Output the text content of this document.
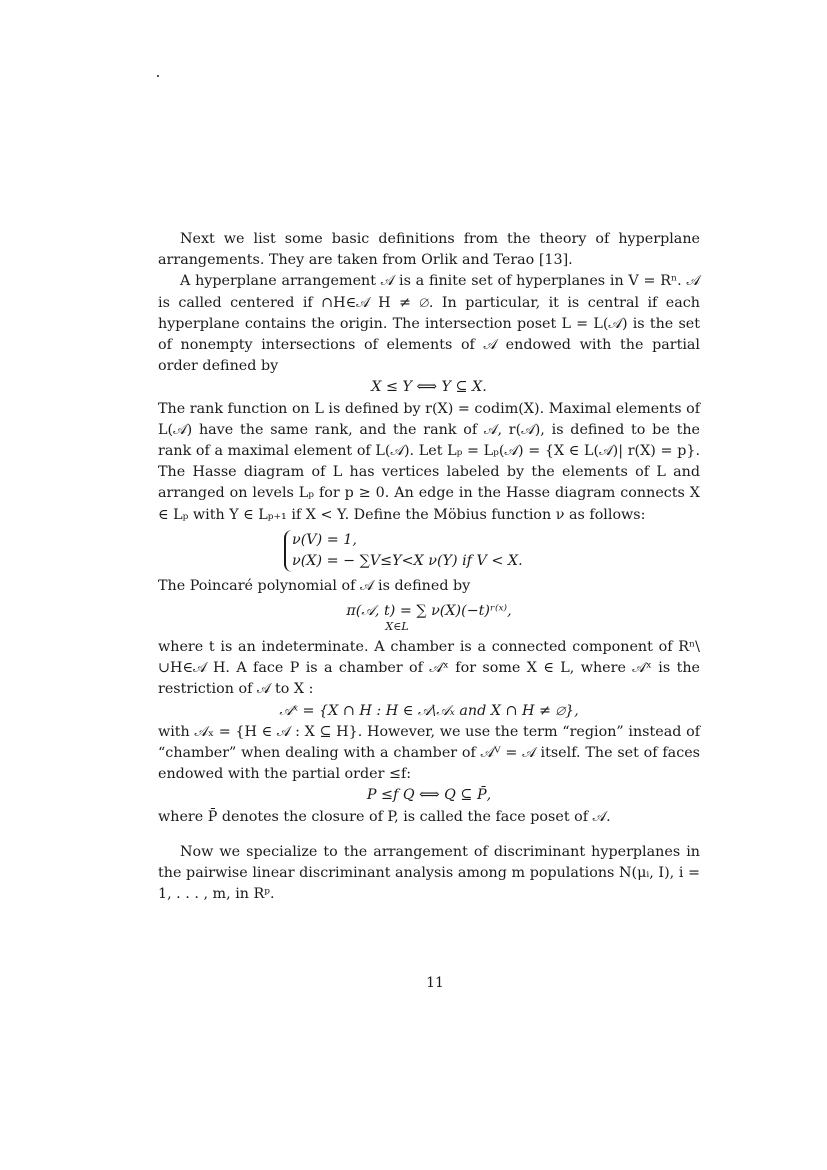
Next we list some basic definitions from the theory of hyperplane arrangements. They are taken from Orlik and Terao [13].

A hyperplane arrangement 𝒜 is a finite set of hyperplanes in V = Rⁿ. 𝒜 is called centered if ∩H∈𝒜 H ≠ ∅. In particular, it is central if each hyperplane contains the origin. The intersection poset L = L(𝒜) is the set of nonempty intersections of elements of 𝒜 endowed with the partial order defined by

X ≤ Y ⟺ Y ⊆ X.

The rank function on L is defined by r(X) = codim(X). Maximal elements of L(𝒜) have the same rank, and the rank of 𝒜, r(𝒜), is defined to be the rank of a maximal element of L(𝒜). Let Lₚ = Lₚ(𝒜) = {X ∈ L(𝒜)| r(X) = p}. The Hasse diagram of L has vertices labeled by the elements of L and arranged on levels Lₚ for p ≥ 0. An edge in the Hasse diagram connects X ∈ Lₚ with Y ∈ Lₚ₊₁ if X < Y. Define the Möbius function ν as follows:

ν(V) = 1,
ν(X) = − ∑V≤Y<X ν(Y) if V < X.

The Poincaré polynomial of 𝒜 is defined by

π(𝒜, t) = ∑ ν(X)(−t)ʳ⁽ˣ⁾,
X∈L

where t is an indeterminate. A chamber is a connected component of Rⁿ\ ∪H∈𝒜 H. A face P is a chamber of 𝒜ˣ for some X ∈ L, where 𝒜ˣ is the restriction of 𝒜 to X :

𝒜ˣ = {X ∩ H : H ∈ 𝒜\𝒜ₓ and X ∩ H ≠ ∅},

with 𝒜ₓ = {H ∈ 𝒜 : X ⊆ H}. However, we use the term “region” instead of “chamber” when dealing with a chamber of 𝒜ⱽ = 𝒜 itself. The set of faces endowed with the partial order ≤f:

P ≤f Q ⟺ Q ⊆ P̄,

where P̄ denotes the closure of P, is called the face poset of 𝒜.

Now we specialize to the arrangement of discriminant hyperplanes in the pairwise linear discriminant analysis among m populations N(μᵢ, I), i = 1, . . . , m, in Rᵖ.

11
